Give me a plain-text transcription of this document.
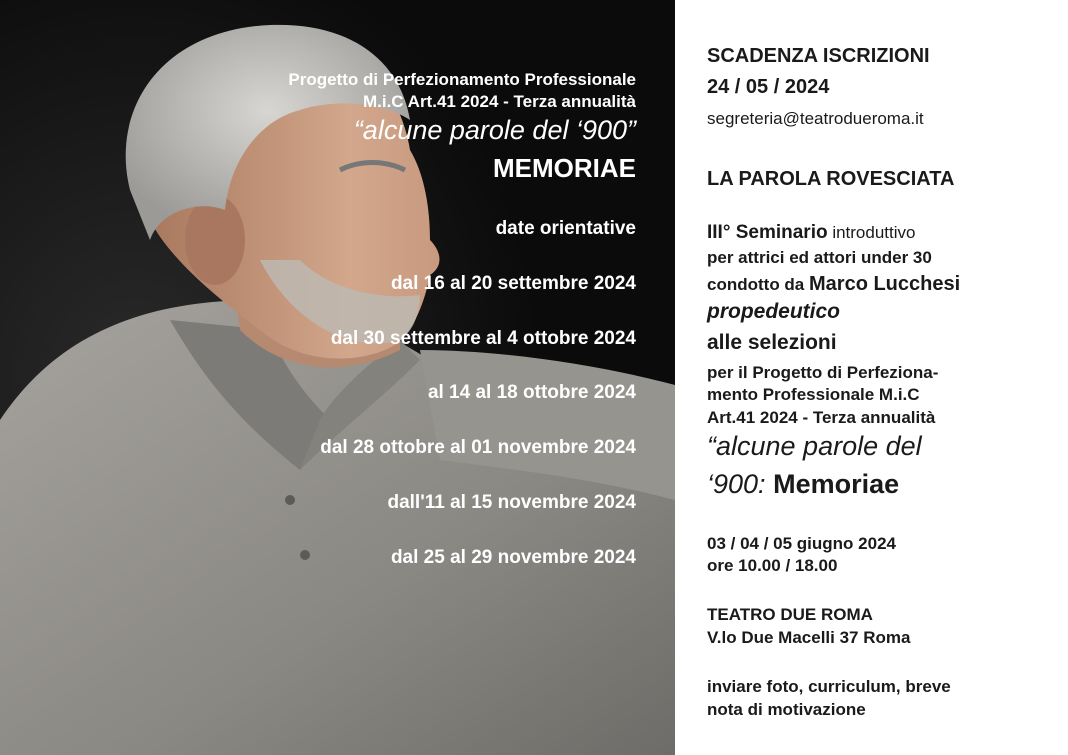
Progetto di Perfezionamento Professionale
M.i.C Art.41 2024 - Terza annualità
“alcune parole del ‘900”
MEMORIAE
date orientative
dal 16 al 20 settembre 2024
dal 30 settembre al 4 ottobre 2024
al 14 al 18 ottobre 2024
dal 28 ottobre al 01 novembre 2024
dall'11 al 15 novembre 2024
dal 25 al 29 novembre 2024
SCADENZA ISCRIZIONI
24 / 05 / 2024
segreteria@teatrodueroma.it
LA PAROLA ROVESCIATA
III° Seminario introduttivo
per attrici ed attori under 30
condotto da Marco Lucchesi
propedeutico
alle selezioni
per il Progetto di Perfeziona-
mento Professionale M.i.C
Art.41 2024 - Terza annualità
“alcune parole del
‘900: Memoriae
03 / 04 / 05 giugno 2024
ore 10.00 / 18.00
TEATRO DUE ROMA
V.lo Due Macelli 37 Roma
inviare foto, curriculum, breve
nota di motivazione
